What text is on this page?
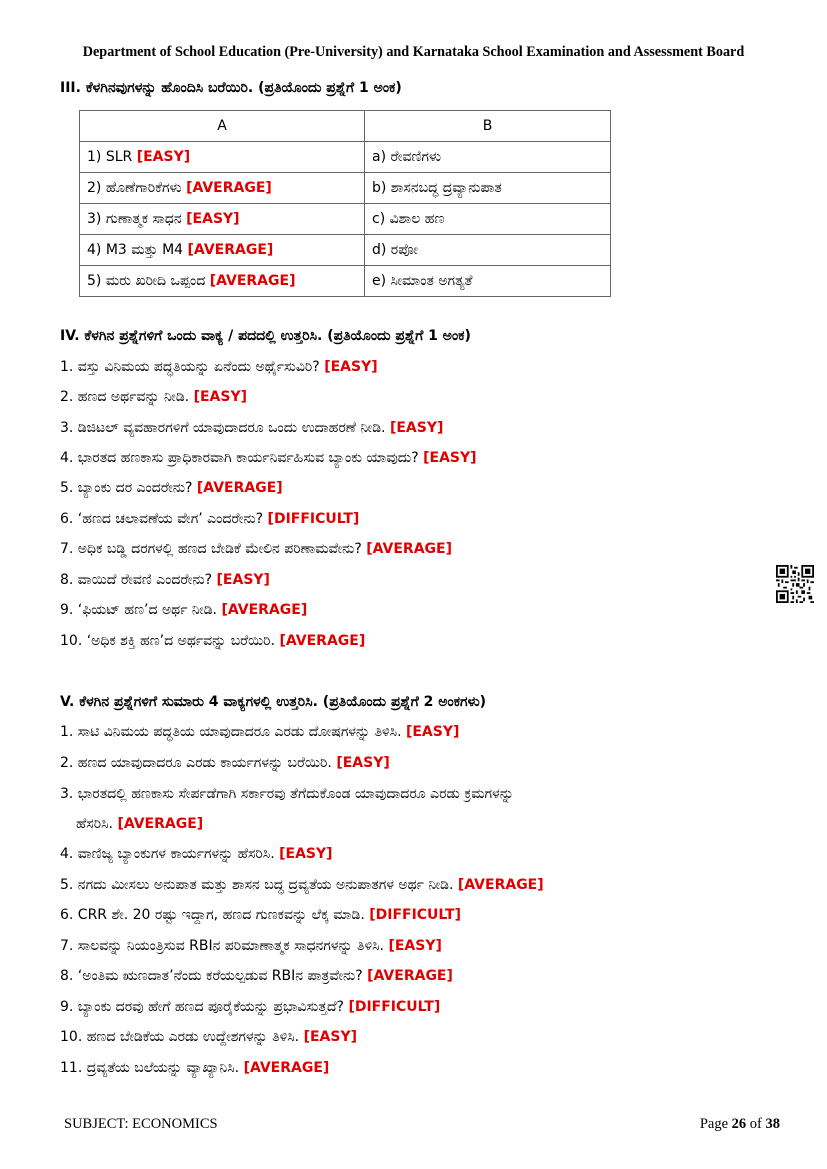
Department of School Education (Pre-University) and Karnataka School Examination and Assessment Board
III. ಕೆಳಗಿನವುಗಳನ್ನು ಹೊಂದಿಸಿ ಬರೆಯಿರಿ. (ಪ್ರತಿಯೊಂದು ಪ್ರಶ್ನೆಗೆ 1 ಅಂಕ)
A	B
1) SLR [EASY]	a) ರೇವಣಿಗಳು
2) ಹೊಣೆಗಾರಿಕೆಗಳು [AVERAGE]	b) ಶಾಸನಬದ್ಧ ದ್ರವ್ಯಾನುಪಾತ
3) ಗುಣಾತ್ಮಕ ಸಾಧನ [EASY]	c) ವಿಶಾಲ ಹಣ
4) M3 ಮತ್ತು M4 [AVERAGE]	d) ರಪೋ
5) ಮರು ಖರೀದಿ ಒಪ್ಪಂದ [AVERAGE]	e) ಸೀಮಾಂತ ಅಗತ್ಯತೆ
IV. ಕೆಳಗಿನ ಪ್ರಶ್ನೆಗಳಿಗೆ ಒಂದು ವಾಕ್ಯ / ಪದದಲ್ಲಿ ಉತ್ತರಿಸಿ. (ಪ್ರತಿಯೊಂದು ಪ್ರಶ್ನೆಗೆ 1 ಅಂಕ)
1. ವಸ್ತು ವಿನಿಮಯ ಪದ್ಧತಿಯನ್ನು ಏನೆಂದು ಅರ್ಥೈಸುವಿರಿ? [EASY]
2. ಹಣದ ಅರ್ಥವನ್ನು ನೀಡಿ. [EASY]
3. ಡಿಜಿಟಲ್ ವ್ಯವಹಾರಗಳಿಗೆ ಯಾವುದಾದರೂ ಒಂದು ಉದಾಹರಣೆ ನೀಡಿ. [EASY]
4. ಭಾರತದ ಹಣಕಾಸು ಪ್ರಾಧಿಕಾರವಾಗಿ ಕಾರ್ಯನಿರ್ವಹಿಸುವ ಬ್ಯಾಂಕು ಯಾವುದು? [EASY]
5. ಬ್ಯಾಂಕು ದರ ಎಂದರೇನು? [AVERAGE]
6. ‘ಹಣದ ಚಲಾವಣೆಯ ವೇಗ’ ಎಂದರೇನು? [DIFFICULT]
7. ಅಧಿಕ ಬಡ್ಡಿ ದರಗಳಲ್ಲಿ ಹಣದ ಬೇಡಿಕೆ ಮೇಲಿನ ಪರಿಣಾಮವೇನು? [AVERAGE]
8. ವಾಯಿದೆ ರೇವಣಿ ಎಂದರೇನು? [EASY]
9. ‘ಫಿಯಟ್ ಹಣ’ದ ಅರ್ಥ ನೀಡಿ. [AVERAGE]
10. ‘ಅಧಿಕ ಶಕ್ತಿ ಹಣ’ದ ಅರ್ಥವನ್ನು ಬರೆಯಿರಿ. [AVERAGE]
V. ಕೆಳಗಿನ ಪ್ರಶ್ನೆಗಳಿಗೆ ಸುಮಾರು 4 ವಾಕ್ಯಗಳಲ್ಲಿ ಉತ್ತರಿಸಿ. (ಪ್ರತಿಯೊಂದು ಪ್ರಶ್ನೆಗೆ 2 ಅಂಕಗಳು)
1. ಸಾಟಿ ವಿನಿಮಯ ಪದ್ಧತಿಯ ಯಾವುದಾದರೂ ಎರಡು ದೋಷಗಳನ್ನು ತಿಳಿಸಿ. [EASY]
2. ಹಣದ ಯಾವುದಾದರೂ ಎರಡು ಕಾರ್ಯಗಳನ್ನು ಬರೆಯಿರಿ. [EASY]
3. ಭಾರತದಲ್ಲಿ ಹಣಕಾಸು ಸೇರ್ಪಡೆಗಾಗಿ ಸರ್ಕಾರವು ತೆಗೆದುಕೊಂಡ ಯಾವುದಾದರೂ ಎರಡು ಕ್ರಮಗಳನ್ನು
ಹೆಸರಿಸಿ. [AVERAGE]
4. ವಾಣಿಜ್ಯ ಬ್ಯಾಂಕುಗಳ ಕಾರ್ಯಗಳನ್ನು ಹೆಸರಿಸಿ. [EASY]
5. ನಗದು ಮೀಸಲು ಅನುಪಾತ ಮತ್ತು ಶಾಸನ ಬದ್ಧ ದ್ರವ್ಯತೆಯ ಅನುಪಾತಗಳ ಅರ್ಥ ನೀಡಿ. [AVERAGE]
6. CRR ಶೇ. 20 ರಷ್ಟು ಇದ್ದಾಗ, ಹಣದ ಗುಣಕವನ್ನು ಲೆಕ್ಕ ಮಾಡಿ. [DIFFICULT]
7. ಸಾಲವನ್ನು ನಿಯಂತ್ರಿಸುವ RBIನ ಪರಿಮಾಣಾತ್ಮಕ ಸಾಧನಗಳನ್ನು ತಿಳಿಸಿ. [EASY]
8. ‘ಅಂತಿಮ ಋಣದಾತ’ನೆಂದು ಕರೆಯಲ್ಪಡುವ RBIನ ಪಾತ್ರವೇನು? [AVERAGE]
9. ಬ್ಯಾಂಕು ದರವು ಹೇಗೆ ಹಣದ ಪೂರೈಕೆಯನ್ನು ಪ್ರಭಾವಿಸುತ್ತದೆ? [DIFFICULT]
10. ಹಣದ ಬೇಡಿಕೆಯ ಎರಡು ಉದ್ದೇಶಗಳನ್ನು ತಿಳಿಸಿ. [EASY]
11. ದ್ರವ್ಯತೆಯ ಬಲೆಯನ್ನು ವ್ಯಾಖ್ಯಾನಿಸಿ. [AVERAGE]
SUBJECT: ECONOMICS	Page 26 of 38
